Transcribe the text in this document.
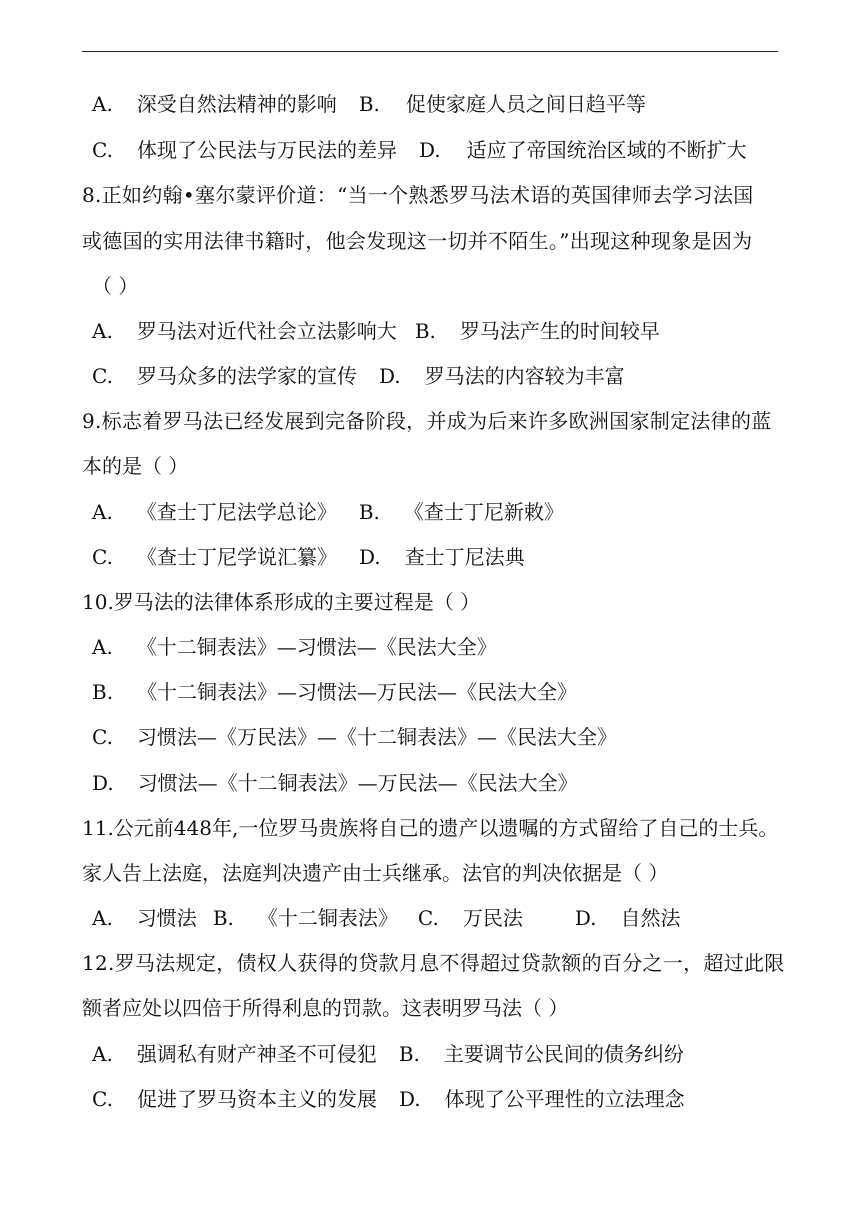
A. 深受自然法精神的影响 B. 促使家庭人员之间日趋平等
C. 体现了公民法与万民法的差异 D. 适应了帝国统治区域的不断扩大
8.正如约翰•塞尔蒙评价道：“当一个熟悉罗马法术语的英国律师去学习法国
或德国的实用法律书籍时，他会发现这一切并不陌生。”出现这种现象是因为
（ ）
A. 罗马法对近代社会立法影响大 B. 罗马法产生的时间较早
C. 罗马众多的法学家的宣传 D. 罗马法的内容较为丰富
9.标志着罗马法已经发展到完备阶段，并成为后来许多欧洲国家制定法律的蓝
本的是（ ）
A. 《查士丁尼法学总论》 B. 《查士丁尼新敕》
C. 《查士丁尼学说汇纂》 D. 查士丁尼法典
10.罗马法的法律体系形成的主要过程是（ ）
A. 《十二铜表法》—习惯法—《民法大全》
B. 《十二铜表法》—习惯法—万民法—《民法大全》
C. 习惯法—《万民法》—《十二铜表法》—《民法大全》
D. 习惯法—《十二铜表法》—万民法—《民法大全》
11.公元前448年,一位罗马贵族将自己的遗产以遗嘱的方式留给了自己的士兵。
家人告上法庭，法庭判决遗产由士兵继承。法官的判决依据是（ ）
A. 习惯法 B. 《十二铜表法》 C. 万民法	D. 自然法
12.罗马法规定，债权人获得的贷款月息不得超过贷款额的百分之一，超过此限
额者应处以四倍于所得利息的罚款。这表明罗马法（ ）
A. 强调私有财产神圣不可侵犯 B. 主要调节公民间的债务纠纷
C. 促进了罗马资本主义的发展 D. 体现了公平理性的立法理念
